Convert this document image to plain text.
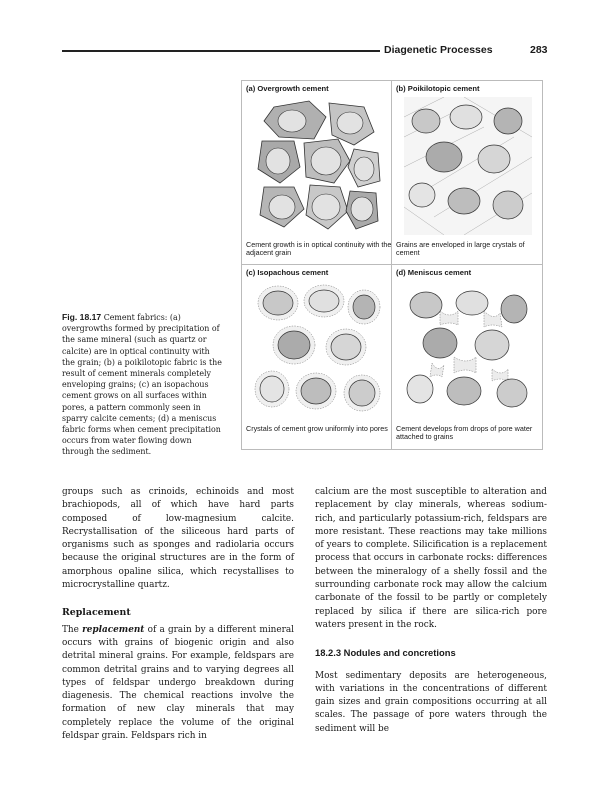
Diagenetic Processes	283
(a) Overgrowth cement
Cement growth is in optical continuity with the adjacent grain
(b) Poikilotopic cement
Grains are enveloped in large crystals of cement
(c) Isopachous cement
Crystals of cement grow uniformly into pores
(d) Meniscus cement
Cement develops from drops of pore water attached to grains
Fig. 18.17 Cement fabrics: (a) overgrowths formed by precipitation of the same mineral (such as quartz or calcite) are in optical continuity with the grain; (b) a poikilotopic fabric is the result of cement minerals completely enveloping grains; (c) an isopachous cement grows on all surfaces within pores, a pattern commonly seen in sparry calcite cements; (d) a meniscus fabric forms when cement precipitation occurs from water flowing down through the sediment.

groups such as crinoids, echinoids and most brachiopods, all of which have hard parts composed of low-magnesium calcite. Recrystallisation of the siliceous hard parts of organisms such as sponges and radiolaria occurs because the original structures are in the form of amorphous opaline silica, which recystallises to microcrystalline quartz.

Replacement

The replacement of a grain by a different mineral occurs with grains of biogenic origin and also detrital mineral grains. For example, feldspars are common detrital grains and to varying degrees all types of feldspar undergo breakdown during diagenesis. The chemical reactions involve the formation of new clay minerals that may completely replace the volume of the original feldspar grain. Feldspars rich in

calcium are the most susceptible to alteration and replacement by clay minerals, whereas sodium-rich, and particularly potassium-rich, feldspars are more resistant. These reactions may take millions of years to complete. Silicification is a replacement process that occurs in carbonate rocks: differences between the mineralogy of a shelly fossil and the surrounding carbonate rock may allow the calcium carbonate of the fossil to be partly or completely replaced by silica if there are silica-rich pore waters present in the rock.

18.2.3 Nodules and concretions

Most sedimentary deposits are heterogeneous, with variations in the concentrations of different gain sizes and grain compositions occurring at all scales. The passage of pore waters through the sediment will be
